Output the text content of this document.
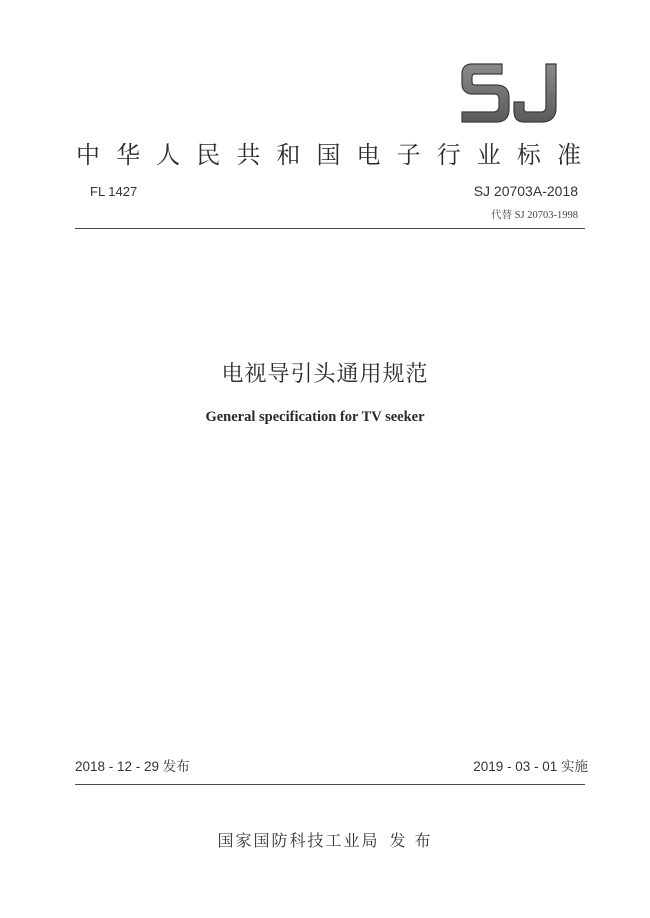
中 华 人 民 共 和 国 电 子 行 业 标 准
FL 1427	SJ 20703A-2018
代替 SJ 20703-1998
电视导引头通用规范
General specification for TV seeker
2018 - 12 - 29 发布	2019 - 03 - 01 实施
国家国防科技工业局 发 布
